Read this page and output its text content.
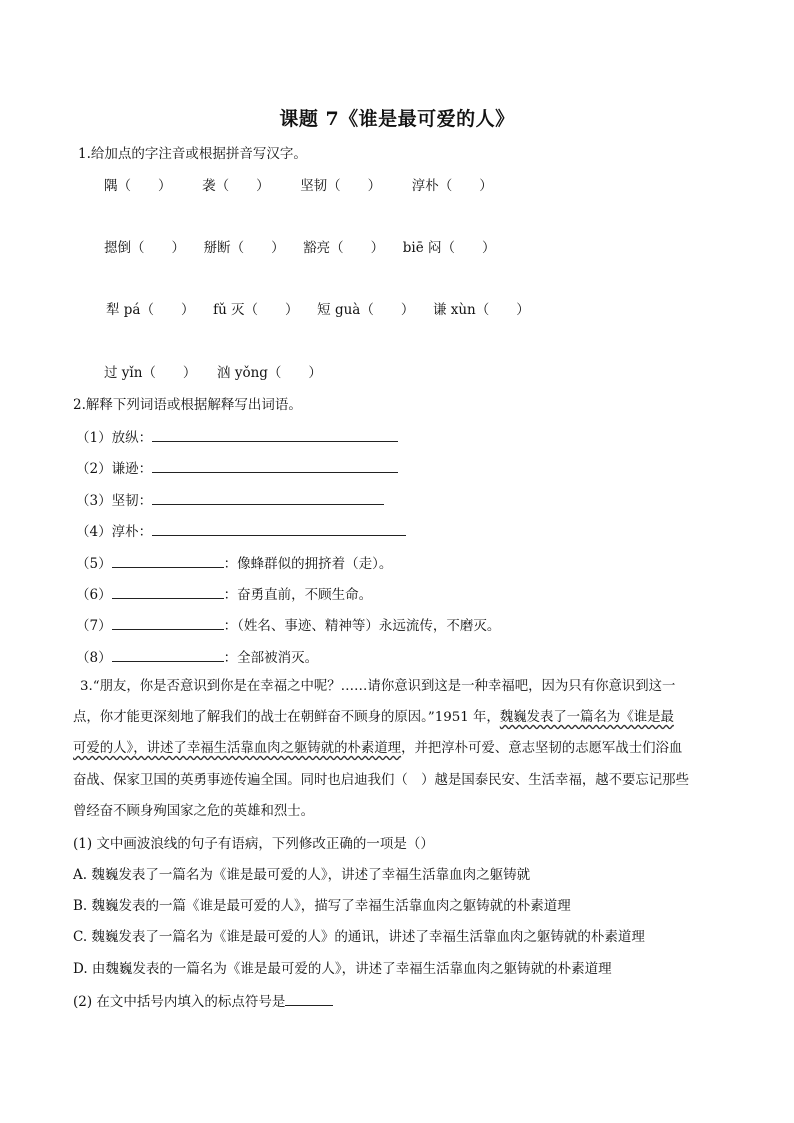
课题 7《谁是最可爱的人》
1.给加点的字注音或根据拼音写汉字。
隅（　　） 袭（　　） 坚韧（　　） 淳朴（　　）
摁倒（　　） 掰断（　　） 豁亮（　　） biē 闷（　　）
犁 pá（　　） fǔ 灭（　　） 短 guà（　　） 谦 xùn（　　）
过 yǐn（　　） 汹 yǒng（　　）
2.解释下列词语或根据解释写出词语。
（1）放纵：
（2）谦逊：
（3）坚韧：
（4）淳朴：
（5）	：像蜂群似的拥挤着（走）。
（6）	：奋勇直前，不顾生命。
（7）	：（姓名、事迹、精神等）永远流传，不磨灭。
（8）	：全部被消灭。
3.“朋友，你是否意识到你是在幸福之中呢？……请你意识到这是一种幸福吧，因为只有你意识到这一
点，你才能更深刻地了解我们的战士在朝鲜奋不顾身的原因。”1951 年，魏巍发表了一篇名为《谁是最
可爱的人》，讲述了幸福生活靠血肉之躯铸就的朴素道理，并把淳朴可爱、意志坚韧的志愿军战士们浴血
奋战、保家卫国的英勇事迹传遍全国。同时也启迪我们（　）越是国泰民安、生活幸福，越不要忘记那些
曾经奋不顾身殉国家之危的英雄和烈士。
(1) 文中画波浪线的句子有语病，下列修改正确的一项是（）
A. 魏巍发表了一篇名为《谁是最可爱的人》，讲述了幸福生活靠血肉之躯铸就
B. 魏巍发表的一篇《谁是最可爱的人》，描写了幸福生活靠血肉之躯铸就的朴素道理
C. 魏巍发表了一篇名为《谁是最可爱的人》的通讯，讲述了幸福生活靠血肉之躯铸就的朴素道理
D. 由魏巍发表的一篇名为《谁是最可爱的人》，讲述了幸福生活靠血肉之躯铸就的朴素道理
(2) 在文中括号内填入的标点符号是
